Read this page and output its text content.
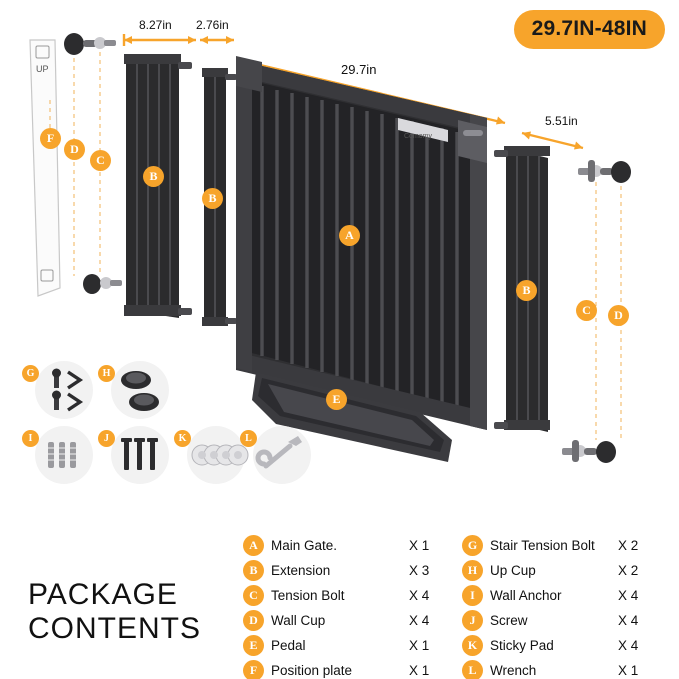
29.7IN-48IN
UP
Comomy
8.27in 2.76in
29.7in
5.51in
F
D
C
B
B
A
B
C	D
E
G	H
I	J	K	L
PACKAGE
CONTENTS
A Main Gate.	X 1
B	Extension	X 3
C Tension Bolt	X 4
D Wall Cup	X 4
E	Pedal	X 1
F	Position plate	X 1
G Stair Tension Bolt	X 2
H Up Cup	X 2
I	Wall Anchor	X 4
J	Screw	X 4
K Sticky Pad	X 4
L	Wrench	X 1
